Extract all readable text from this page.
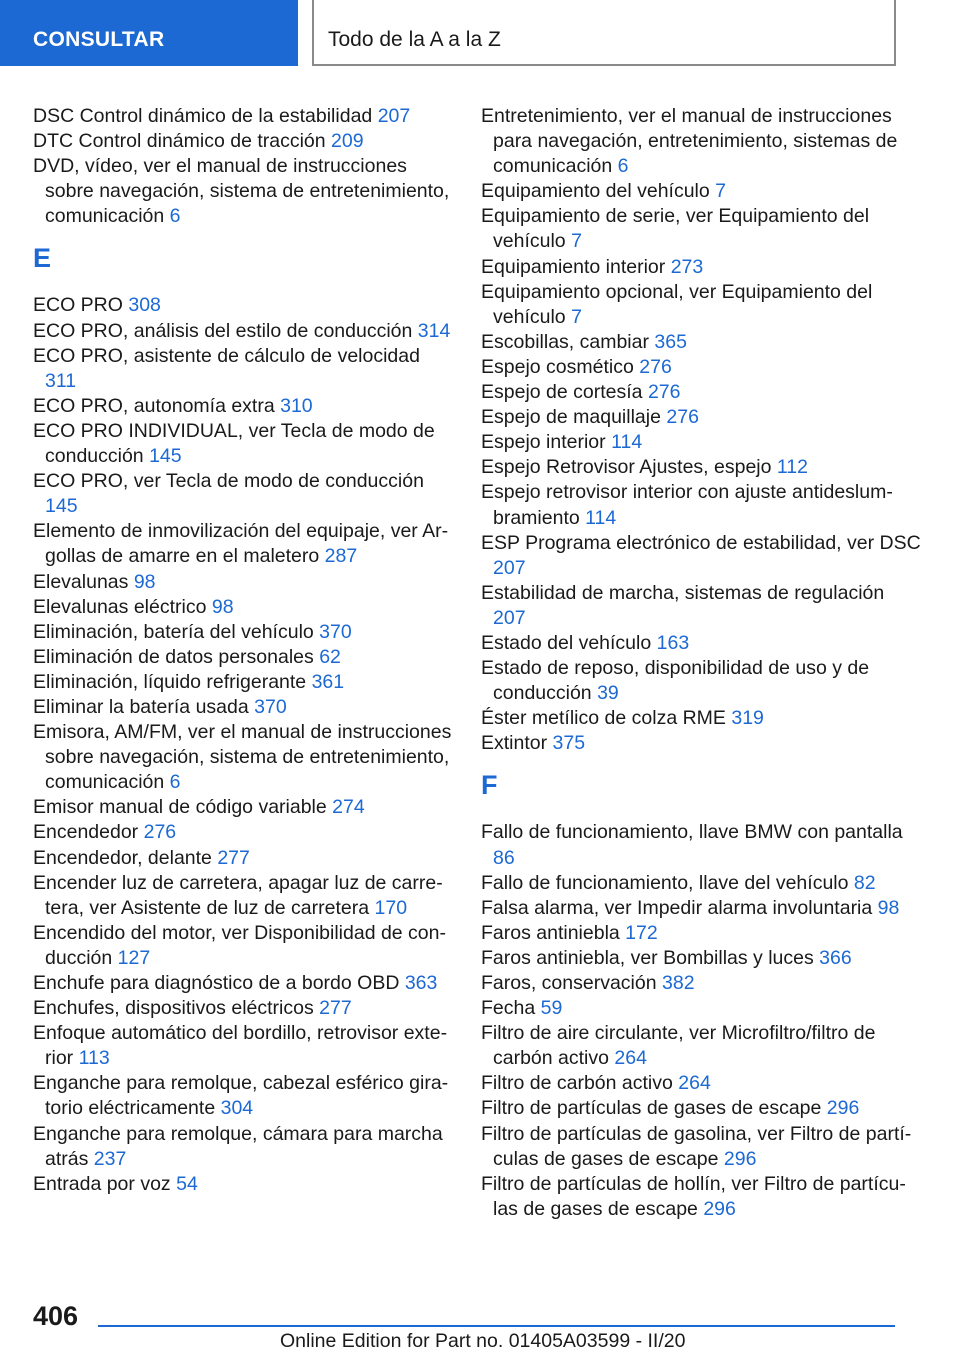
CONSULTAR	Todo de la A a la Z
DSC Control dinámico de la estabilidad 207
DTC Control dinámico de tracción 209
DVD, vídeo, ver el manual de instrucciones sobre navegación, sistema de entretenimiento, comunicación 6
E
ECO PRO 308
ECO PRO, análisis del estilo de conducción 314
ECO PRO, asistente de cálculo de velocidad 311
ECO PRO, autonomía extra 310
ECO PRO INDIVIDUAL, ver Tecla de modo de conducción 145
ECO PRO, ver Tecla de modo de conducción 145
Elemento de inmovilización del equipaje, ver Argollas de amarre en el maletero 287
Elevalunas 98
Elevalunas eléctrico 98
Eliminación, batería del vehículo 370
Eliminación de datos personales 62
Eliminación, líquido refrigerante 361
Eliminar la batería usada 370
Emisora, AM/FM, ver el manual de instrucciones sobre navegación, sistema de entretenimiento, comunicación 6
Emisor manual de código variable 274
Encendedor 276
Encendedor, delante 277
Encender luz de carretera, apagar luz de carretera, ver Asistente de luz de carretera 170
Encendido del motor, ver Disponibilidad de conducción 127
Enchufe para diagnóstico de a bordo OBD 363
Enchufes, dispositivos eléctricos 277
Enfoque automático del bordillo, retrovisor exterior 113
Enganche para remolque, cabezal esférico giratorio eléctricamente 304
Enganche para remolque, cámara para marcha atrás 237
Entrada por voz 54
Entretenimiento, ver el manual de instrucciones para navegación, entretenimiento, sistemas de comunicación 6
Equipamiento del vehículo 7
Equipamiento de serie, ver Equipamiento del vehículo 7
Equipamiento interior 273
Equipamiento opcional, ver Equipamiento del vehículo 7
Escobillas, cambiar 365
Espejo cosmético 276
Espejo de cortesía 276
Espejo de maquillaje 276
Espejo interior 114
Espejo Retrovisor Ajustes, espejo 112
Espejo retrovisor interior con ajuste antideslumbramiento 114
ESP Programa electrónico de estabilidad, ver DSC 207
Estabilidad de marcha, sistemas de regulación 207
Estado del vehículo 163
Estado de reposo, disponibilidad de uso y de conducción 39
Éster metílico de colza RME 319
Extintor 375
F
Fallo de funcionamiento, llave BMW con pantalla 86
Fallo de funcionamiento, llave del vehículo 82
Falsa alarma, ver Impedir alarma involuntaria 98
Faros antiniebla 172
Faros antiniebla, ver Bombillas y luces 366
Faros, conservación 382
Fecha 59
Filtro de aire circulante, ver Microfiltro/filtro de carbón activo 264
Filtro de carbón activo 264
Filtro de partículas de gases de escape 296
Filtro de partículas de gasolina, ver Filtro de partículas de gases de escape 296
Filtro de partículas de hollín, ver Filtro de partículas de gases de escape 296
406
Online Edition for Part no. 01405A03599 - II/20
